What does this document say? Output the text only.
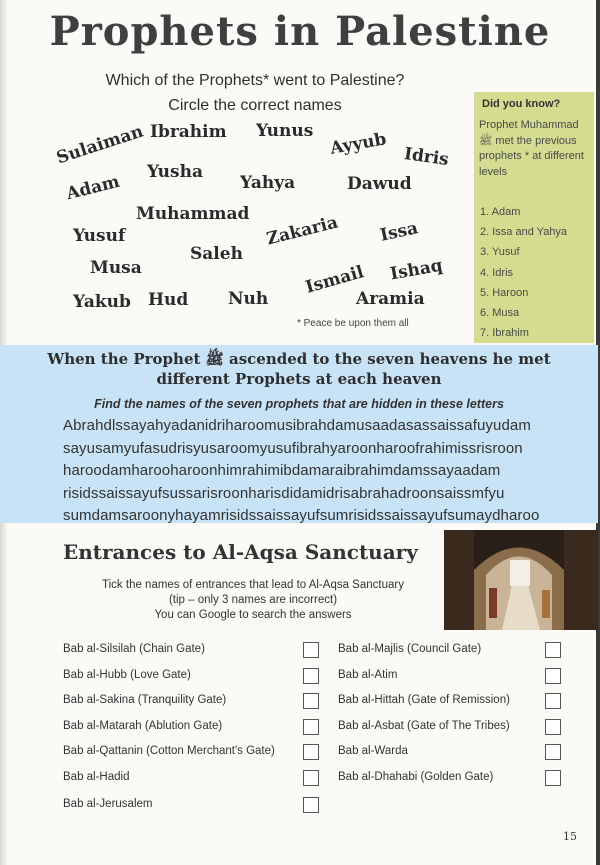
Prophets in Palestine
Which of the Prophets* went to Palestine?
Circle the correct names
Sulaiman Ibrahim Yunus Ayyub Idris
Adam Yusha
Yahya	Dawud
Muhammad
Yusuf	Zakaria Issa
Musa
Saleh
Ismail Ishaq
Yakub Hud Nuh	Aramia
* Peace be upon them all
Did you know?
Prophet Muhammad ﷺ met the previous prophets * at different levels
1. Adam
2. Issa and Yahya
3. Yusuf
4. Idris
5. Haroon
6. Musa
7. Ibrahim
When the Prophet ﷺ ascended to the seven heavens he met
different Prophets at each heaven
Find the names of the seven prophets that are hidden in these letters
Abrahdlssayahyadanidriharoomusibrahdamusaadasassaissafuyudam
sayusamyufasudrisyusaroomyusufibrahyaroonharoofrahimissrisroon
haroodamharooharoonhimrahimibdamaraibrahimdamssayaadam
risidssaissayufsussarisroonharisdidamidrisabrahadroonsaissmfyu
sumdamsaroonyhayamrisidssaissayufsumrisidssaissayufsumaydharoo
Entrances to Al-Aqsa Sanctuary
Tick the names of entrances that lead to Al-Aqsa Sanctuary
(tip – only 3 names are incorrect)
You can Google to search the answers
Bab al-Silsilah (Chain Gate)
Bab al-Hubb (Love Gate)
Bab al-Sakina (Tranquility Gate)
Bab al-Matarah (Ablution Gate)
Bab al-Qattanin (Cotton Merchant's Gate)
Bab al-Hadid
Bab al-Jerusalem
Bab al-Majlis (Council Gate)
Bab al-Atim
Bab al-Hittah (Gate of Remission)
Bab al-Asbat (Gate of The Tribes)
Bab al-Warda
Bab al-Dhahabi (Golden Gate)
15
